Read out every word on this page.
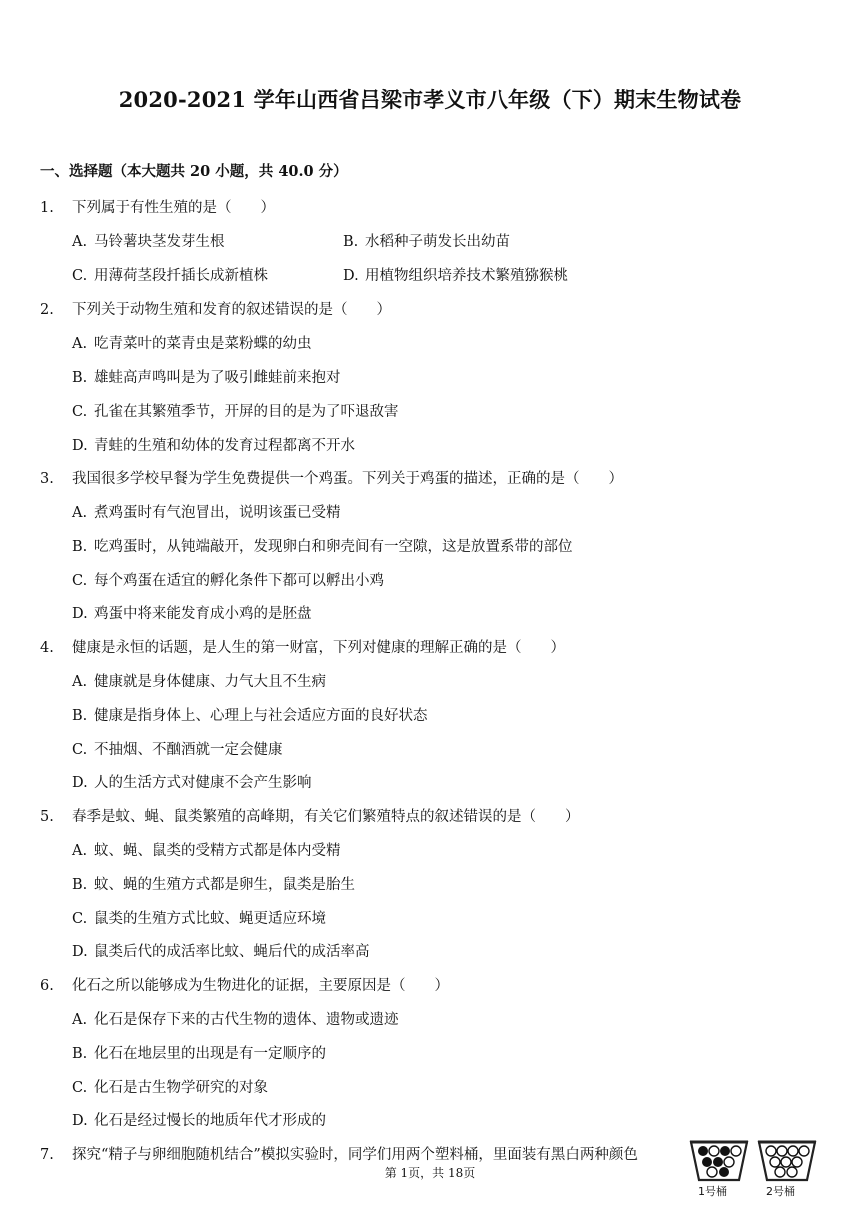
2020-2021 学年山西省吕梁市孝义市八年级（下）期末生物试卷
一、选择题（本大题共 20 小题，共 40.0 分）
1. 下列属于有性生殖的是（　　）
A. 马铃薯块茎发芽生根	B. 水稻种子萌发长出幼苗
C. 用薄荷茎段扦插长成新植株	D. 用植物组织培养技术繁殖猕猴桃
2. 下列关于动物生殖和发育的叙述错误的是（　　）
A. 吃青菜叶的菜青虫是菜粉蝶的幼虫
B. 雄蛙高声鸣叫是为了吸引雌蛙前来抱对
C. 孔雀在其繁殖季节，开屏的目的是为了吓退敌害
D. 青蛙的生殖和幼体的发育过程都离不开水
3. 我国很多学校早餐为学生免费提供一个鸡蛋。下列关于鸡蛋的描述，正确的是（　　）
A. 煮鸡蛋时有气泡冒出，说明该蛋已受精
B. 吃鸡蛋时，从钝端敲开，发现卵白和卵壳间有一空隙，这是放置系带的部位
C. 每个鸡蛋在适宜的孵化条件下都可以孵出小鸡
D. 鸡蛋中将来能发育成小鸡的是胚盘
4. 健康是永恒的话题，是人生的第一财富，下列对健康的理解正确的是（　　）
A. 健康就是身体健康、力气大且不生病
B. 健康是指身体上、心理上与社会适应方面的良好状态
C. 不抽烟、不酗酒就一定会健康
D. 人的生活方式对健康不会产生影响
5. 春季是蚊、蝇、鼠类繁殖的高峰期，有关它们繁殖特点的叙述错误的是（　　）
A. 蚊、蝇、鼠类的受精方式都是体内受精
B. 蚊、蝇的生殖方式都是卵生，鼠类是胎生
C. 鼠类的生殖方式比蚊、蝇更适应环境
D. 鼠类后代的成活率比蚊、蝇后代的成活率高
6. 化石之所以能够成为生物进化的证据，主要原因是（　　）
A. 化石是保存下来的古代生物的遗体、遗物或遗迹
B. 化石在地层里的出现是有一定顺序的
C. 化石是古生物学研究的对象
D. 化石是经过慢长的地质年代才形成的
7. 探究“精子与卵细胞随机结合”模拟实验时，同学们用两个塑料桶，里面装有黑白两种颜色
1号桶	2号桶
第 1页，共 18页
